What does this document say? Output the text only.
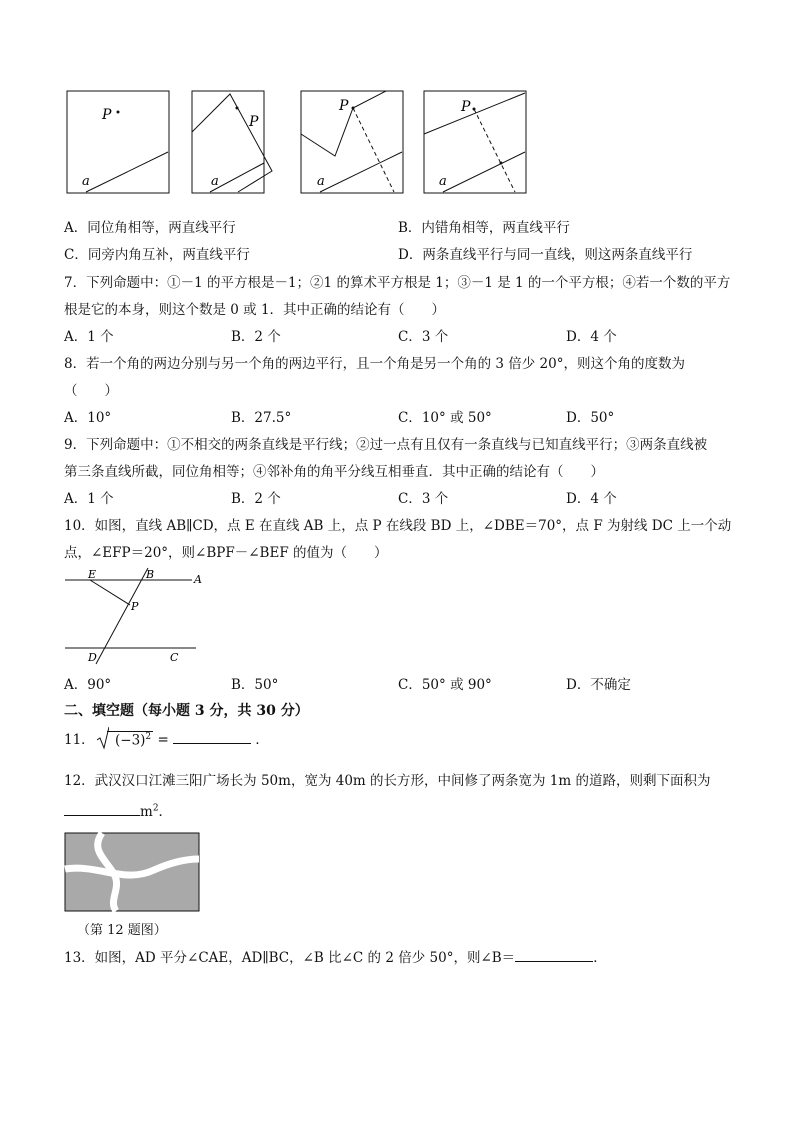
P
a
P
a
P
a
P
a
A．同位角相等，两直线平行	B．内错角相等，两直线平行
C．同旁内角互补，两直线平行	D．两条直线平行与同一直线，则这两条直线平行
7．下列命题中：①－1 的平方根是－1；②1 的算术平方根是 1；③－1 是 1 的一个平方根；④若一个数的平方
根是它的本身，则这个数是 0 或 1．其中正确的结论有（　　）
A．1 个	B．2 个	C．3 个	D．4 个
8．若一个角的两边分别与另一个角的两边平行，且一个角是另一个角的 3 倍少 20°，则这个角的度数为
（　　）
A．10°	B．27.5°	C．10° 或 50°	D．50°
9．下列命题中：①不相交的两条直线是平行线；②过一点有且仅有一条直线与已知直线平行；③两条直线被
第三条直线所截，同位角相等；④邻补角的角平分线互相垂直．其中正确的结论有（　　）
A．1 个	B．2 个	C．3 个	D．4 个
10．如图，直线 AB∥CD，点 E 在直线 AB 上，点 P 在线段 BD 上，∠DBE＝70°，点 F 为射线 DC 上一个动
点，∠EFP＝20°，则∠BPF－∠BEF 的值为（　　）
E	B	A
P
D	C
A．90°	B．50°	C．50° 或 90°	D．不确定
二、填空题（每小题 3 分，共 30 分）
11． $(-3)^2$ =	．
12．武汉汉口江滩三阳广场长为 50m，宽为 40m 的长方形，中间修了两条宽为 1m 的道路，则剩下面积为
$m^2$．
（第 12 题图）
13．如图，AD 平分∠CAE，AD∥BC，∠B 比∠C 的 2 倍少 50°，则∠B＝	．
